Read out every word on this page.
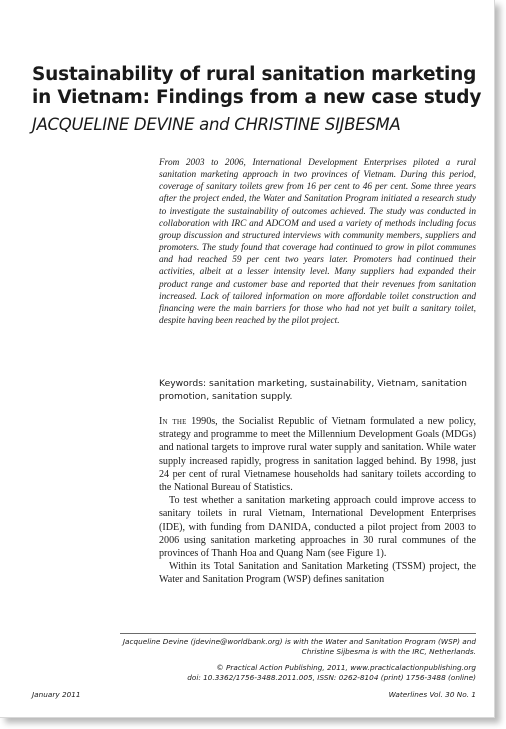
Sustainability of rural sanitation marketing in Vietnam: Findings from a new case study
JACQUELINE DEVINE and CHRISTINE SIJBESMA
From 2003 to 2006, International Development Enterprises piloted a rural sanitation marketing approach in two provinces of Vietnam. During this period, coverage of sanitary toilets grew from 16 per cent to 46 per cent. Some three years after the project ended, the Water and Sanitation Program initiated a research study to investigate the sustainability of outcomes achieved. The study was conducted in collaboration with IRC and ADCOM and used a variety of methods including focus group discussion and structured interviews with community members, suppliers and promoters. The study found that coverage had continued to grow in pilot communes and had reached 59 per cent two years later. Promoters had continued their activities, albeit at a lesser intensity level. Many suppliers had expanded their product range and customer base and reported that their revenues from sanitation increased. Lack of tailored information on more affordable toilet construction and financing were the main barriers for those who had not yet built a sanitary toilet, despite having been reached by the pilot project.
Keywords: sanitation marketing, sustainability, Vietnam, sanitation promotion, sanitation supply.

In the 1990s, the Socialist Republic of Vietnam formulated a new policy, strategy and programme to meet the Millennium Development Goals (MDGs) and national targets to improve rural water supply and sanitation. While water supply increased rapidly, progress in sanitation lagged behind. By 1998, just 24 per cent of rural Vietnamese households had sanitary toilets according to the National Bureau of Statistics.

To test whether a sanitation marketing approach could improve access to sanitary toilets in rural Vietnam, International Development Enterprises (IDE), with funding from DANIDA, conducted a pilot project from 2003 to 2006 using sanitation marketing approaches in 30 rural communes of the provinces of Thanh Hoa and Quang Nam (see Figure 1).

Within its Total Sanitation and Sanitation Marketing (TSSM) project, the Water and Sanitation Program (WSP) defines sanitation

Jacqueline Devine (jdevine@worldbank.org) is with the Water and Sanitation Program (WSP) and
Christine Sijbesma is with the IRC, Netherlands.
© Practical Action Publishing, 2011, www.practicalactionpublishing.org
doi: 10.3362/1756-3488.2011.005, ISSN: 0262-8104 (print) 1756-3488 (online)
January 2011	Waterlines Vol. 30 No. 1
